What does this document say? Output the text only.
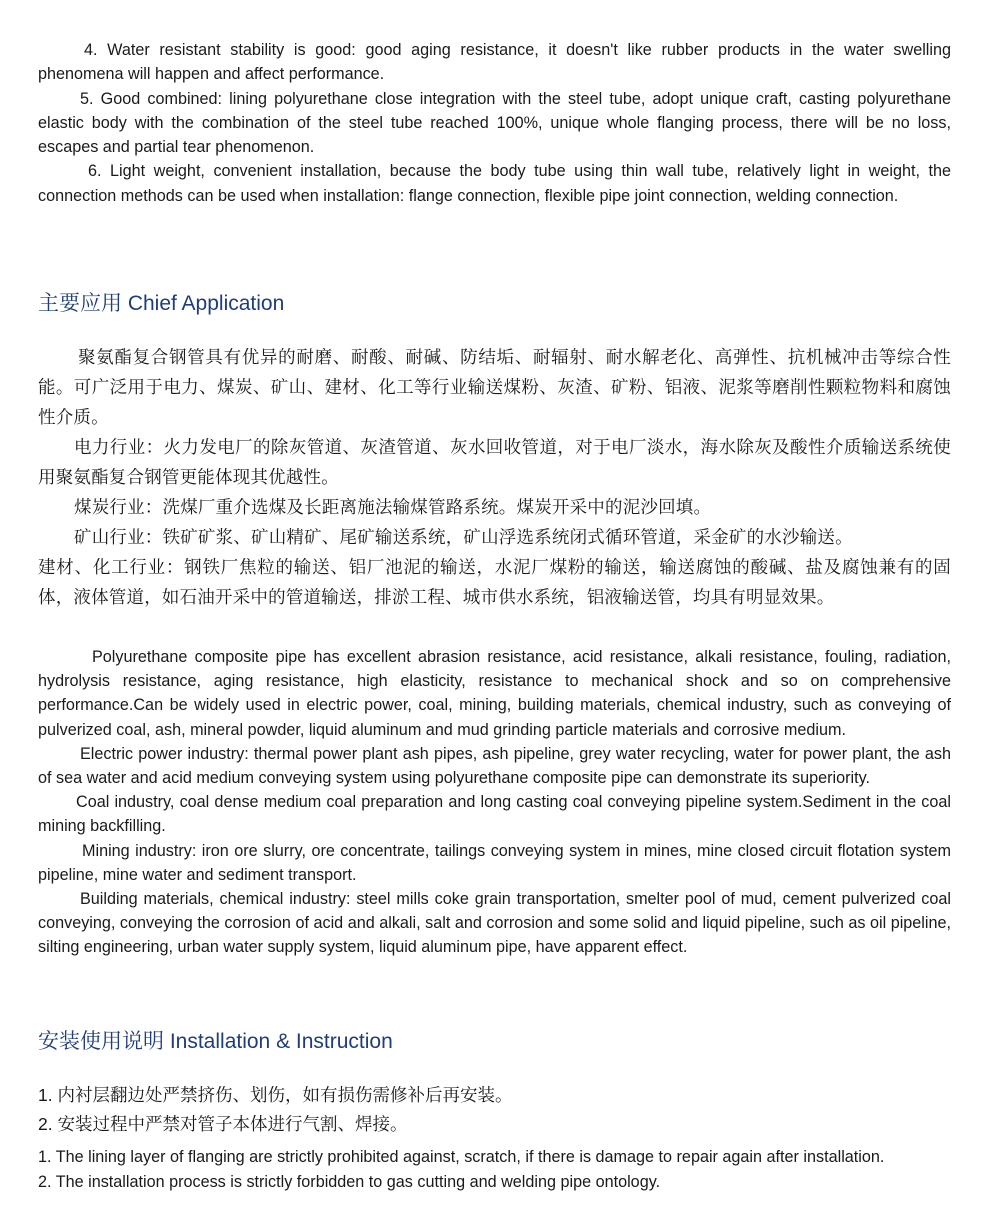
4. Water resistant stability is good: good aging resistance, it doesn't like rubber products in the water swelling phenomena will happen and affect performance.

5. Good combined: lining polyurethane close integration with the steel tube, adopt unique craft, casting polyurethane elastic body with the combination of the steel tube reached 100%, unique whole flanging process, there will be no loss, escapes and partial tear phenomenon.

6. Light weight, convenient installation, because the body tube using thin wall tube, relatively light in weight, the connection methods can be used when installation: flange connection, flexible pipe joint connection, welding connection.

主要应用 Chief Application

聚氨酯复合钢管具有优异的耐磨、耐酸、耐碱、防结垢、耐辐射、耐水解老化、高弹性、抗机械冲击等综合性能。可广泛用于电力、煤炭、矿山、建材、化工等行业输送煤粉、灰渣、矿粉、铝液、泥浆等磨削性颗粒物料和腐蚀性介质。

电力行业：火力发电厂的除灰管道、灰渣管道、灰水回收管道，对于电厂淡水，海水除灰及酸性介质输送系统使用聚氨酯复合钢管更能体现其优越性。

煤炭行业：洗煤厂重介选煤及长距离施法输煤管路系统。煤炭开采中的泥沙回填。

矿山行业：铁矿矿浆、矿山精矿、尾矿输送系统，矿山浮选系统闭式循环管道，采金矿的水沙输送。

建材、化工行业：钢铁厂焦粒的输送、铝厂池泥的输送，水泥厂煤粉的输送，输送腐蚀的酸碱、盐及腐蚀兼有的固体，液体管道，如石油开采中的管道输送，排淤工程、城市供水系统，铝液输送管，均具有明显效果。

Polyurethane composite pipe has excellent abrasion resistance, acid resistance, alkali resistance, fouling, radiation, hydrolysis resistance, aging resistance, high elasticity, resistance to mechanical shock and so on comprehensive performance.Can be widely used in electric power, coal, mining, building materials, chemical industry, such as conveying of pulverized coal, ash, mineral powder, liquid aluminum and mud grinding particle materials and corrosive medium.

Electric power industry: thermal power plant ash pipes, ash pipeline, grey water recycling, water for power plant, the ash of sea water and acid medium conveying system using polyurethane composite pipe can demonstrate its superiority.

Coal industry, coal dense medium coal preparation and long casting coal conveying pipeline system.Sediment in the coal mining backfilling.

Mining industry: iron ore slurry, ore concentrate, tailings conveying system in mines, mine closed circuit flotation system pipeline, mine water and sediment transport.

Building materials, chemical industry: steel mills coke grain transportation, smelter pool of mud, cement pulverized coal conveying, conveying the corrosion of acid and alkali, salt and corrosion and some solid and liquid pipeline, such as oil pipeline, silting engineering, urban water supply system, liquid aluminum pipe, have apparent effect.

安装使用说明 Installation & Instruction

1. 内衬层翻边处严禁挤伤、划伤，如有损伤需修补后再安装。

2. 安装过程中严禁对管子本体进行气割、焊接。

1. The lining layer of flanging are strictly prohibited against, scratch, if there is damage to repair again after installation.

2. The installation process is strictly forbidden to gas cutting and welding pipe ontology.
